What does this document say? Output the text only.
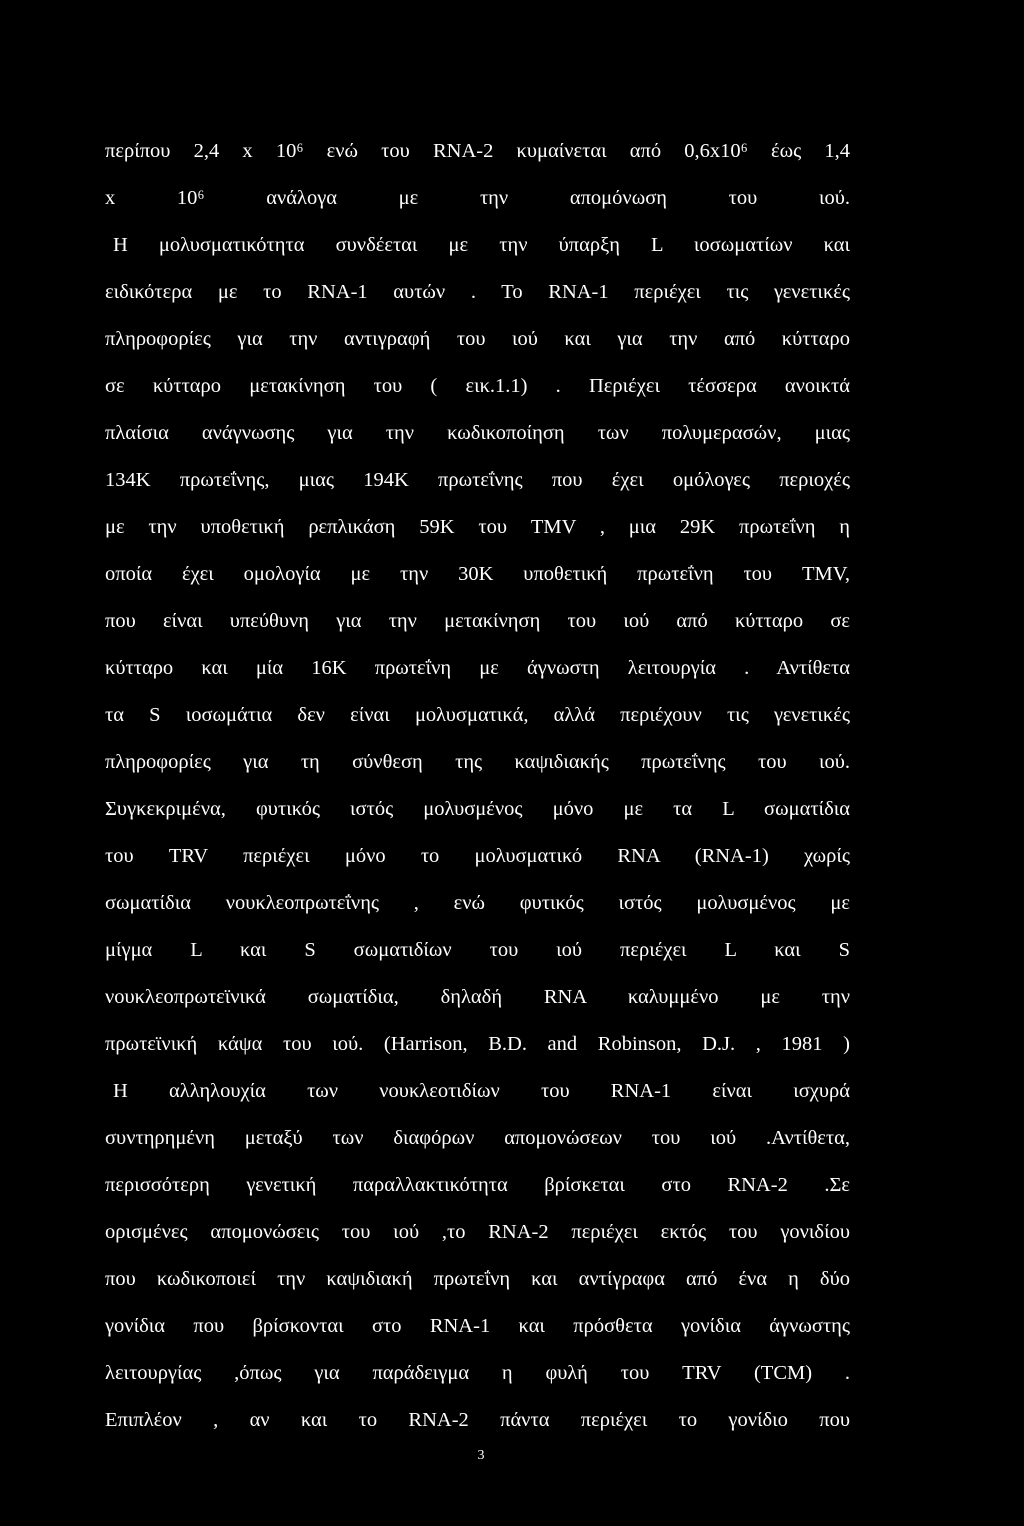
περίπου 2,4 x 10⁶ ενώ του RNA-2 κυμαίνεται από 0,6x10⁶ έως 1,4
x 10⁶ ανάλογα με την απομόνωση του ιού.
Η μολυσματικότητα συνδέεται με την ύπαρξη L ιοσωματίων και
ειδικότερα με το RNA-1 αυτών . Το RNA-1 περιέχει τις γενετικές
πληροφορίες για την αντιγραφή του ιού και για την από κύτταρο
σε κύτταρο μετακίνηση του ( εικ.1.1) . Περιέχει τέσσερα ανοικτά
πλαίσια ανάγνωσης για την κωδικοποίηση των πολυμερασών, μιας
134K πρωτεΐνης, μιας 194K πρωτεΐνης που έχει ομόλογες περιοχές
με την υποθετική ρεπλικάση 59K του TMV , μια 29K πρωτεΐνη η
οποία έχει ομολογία με την 30K υποθετική πρωτεΐνη του TMV,
που είναι υπεύθυνη για την μετακίνηση του ιού από κύτταρο σε
κύτταρο και μία 16K πρωτεΐνη με άγνωστη λειτουργία . Αντίθετα
τα S ιοσωμάτια δεν είναι μολυσματικά, αλλά περιέχουν τις γενετικές
πληροφορίες για τη σύνθεση της καψιδιακής πρωτεΐνης του ιού.
Συγκεκριμένα, φυτικός ιστός μολυσμένος μόνο με τα L σωματίδια
του TRV περιέχει μόνο το μολυσματικό RNA (RNA-1) χωρίς
σωματίδια νουκλεοπρωτεΐνης , ενώ φυτικός ιστός μολυσμένος με
μίγμα L και S σωματιδίων του ιού περιέχει L και S
νουκλεοπρωτεϊνικά σωματίδια, δηλαδή RNA καλυμμένο με την
πρωτεϊνική κάψα του ιού. (Harrison, B.D. and Robinson, D.J. , 1981 )
Η αλληλουχία των νουκλεοτιδίων του RNA-1 είναι ισχυρά
συντηρημένη μεταξύ των διαφόρων απομονώσεων του ιού .Αντίθετα,
περισσότερη γενετική παραλλακτικότητα βρίσκεται στο RNA-2 .Σε
ορισμένες απομονώσεις του ιού ,το RNA-2 περιέχει εκτός του γονιδίου
που κωδικοποιεί την καψιδιακή πρωτεΐνη και αντίγραφα από ένα η δύο
γονίδια που βρίσκονται στο RNA-1 και πρόσθετα γονίδια άγνωστης
λειτουργίας ,όπως για παράδειγμα η φυλή του TRV (TCM) .
Επιπλέον , αν και το RNA-2 πάντα περιέχει το γονίδιο που
3
